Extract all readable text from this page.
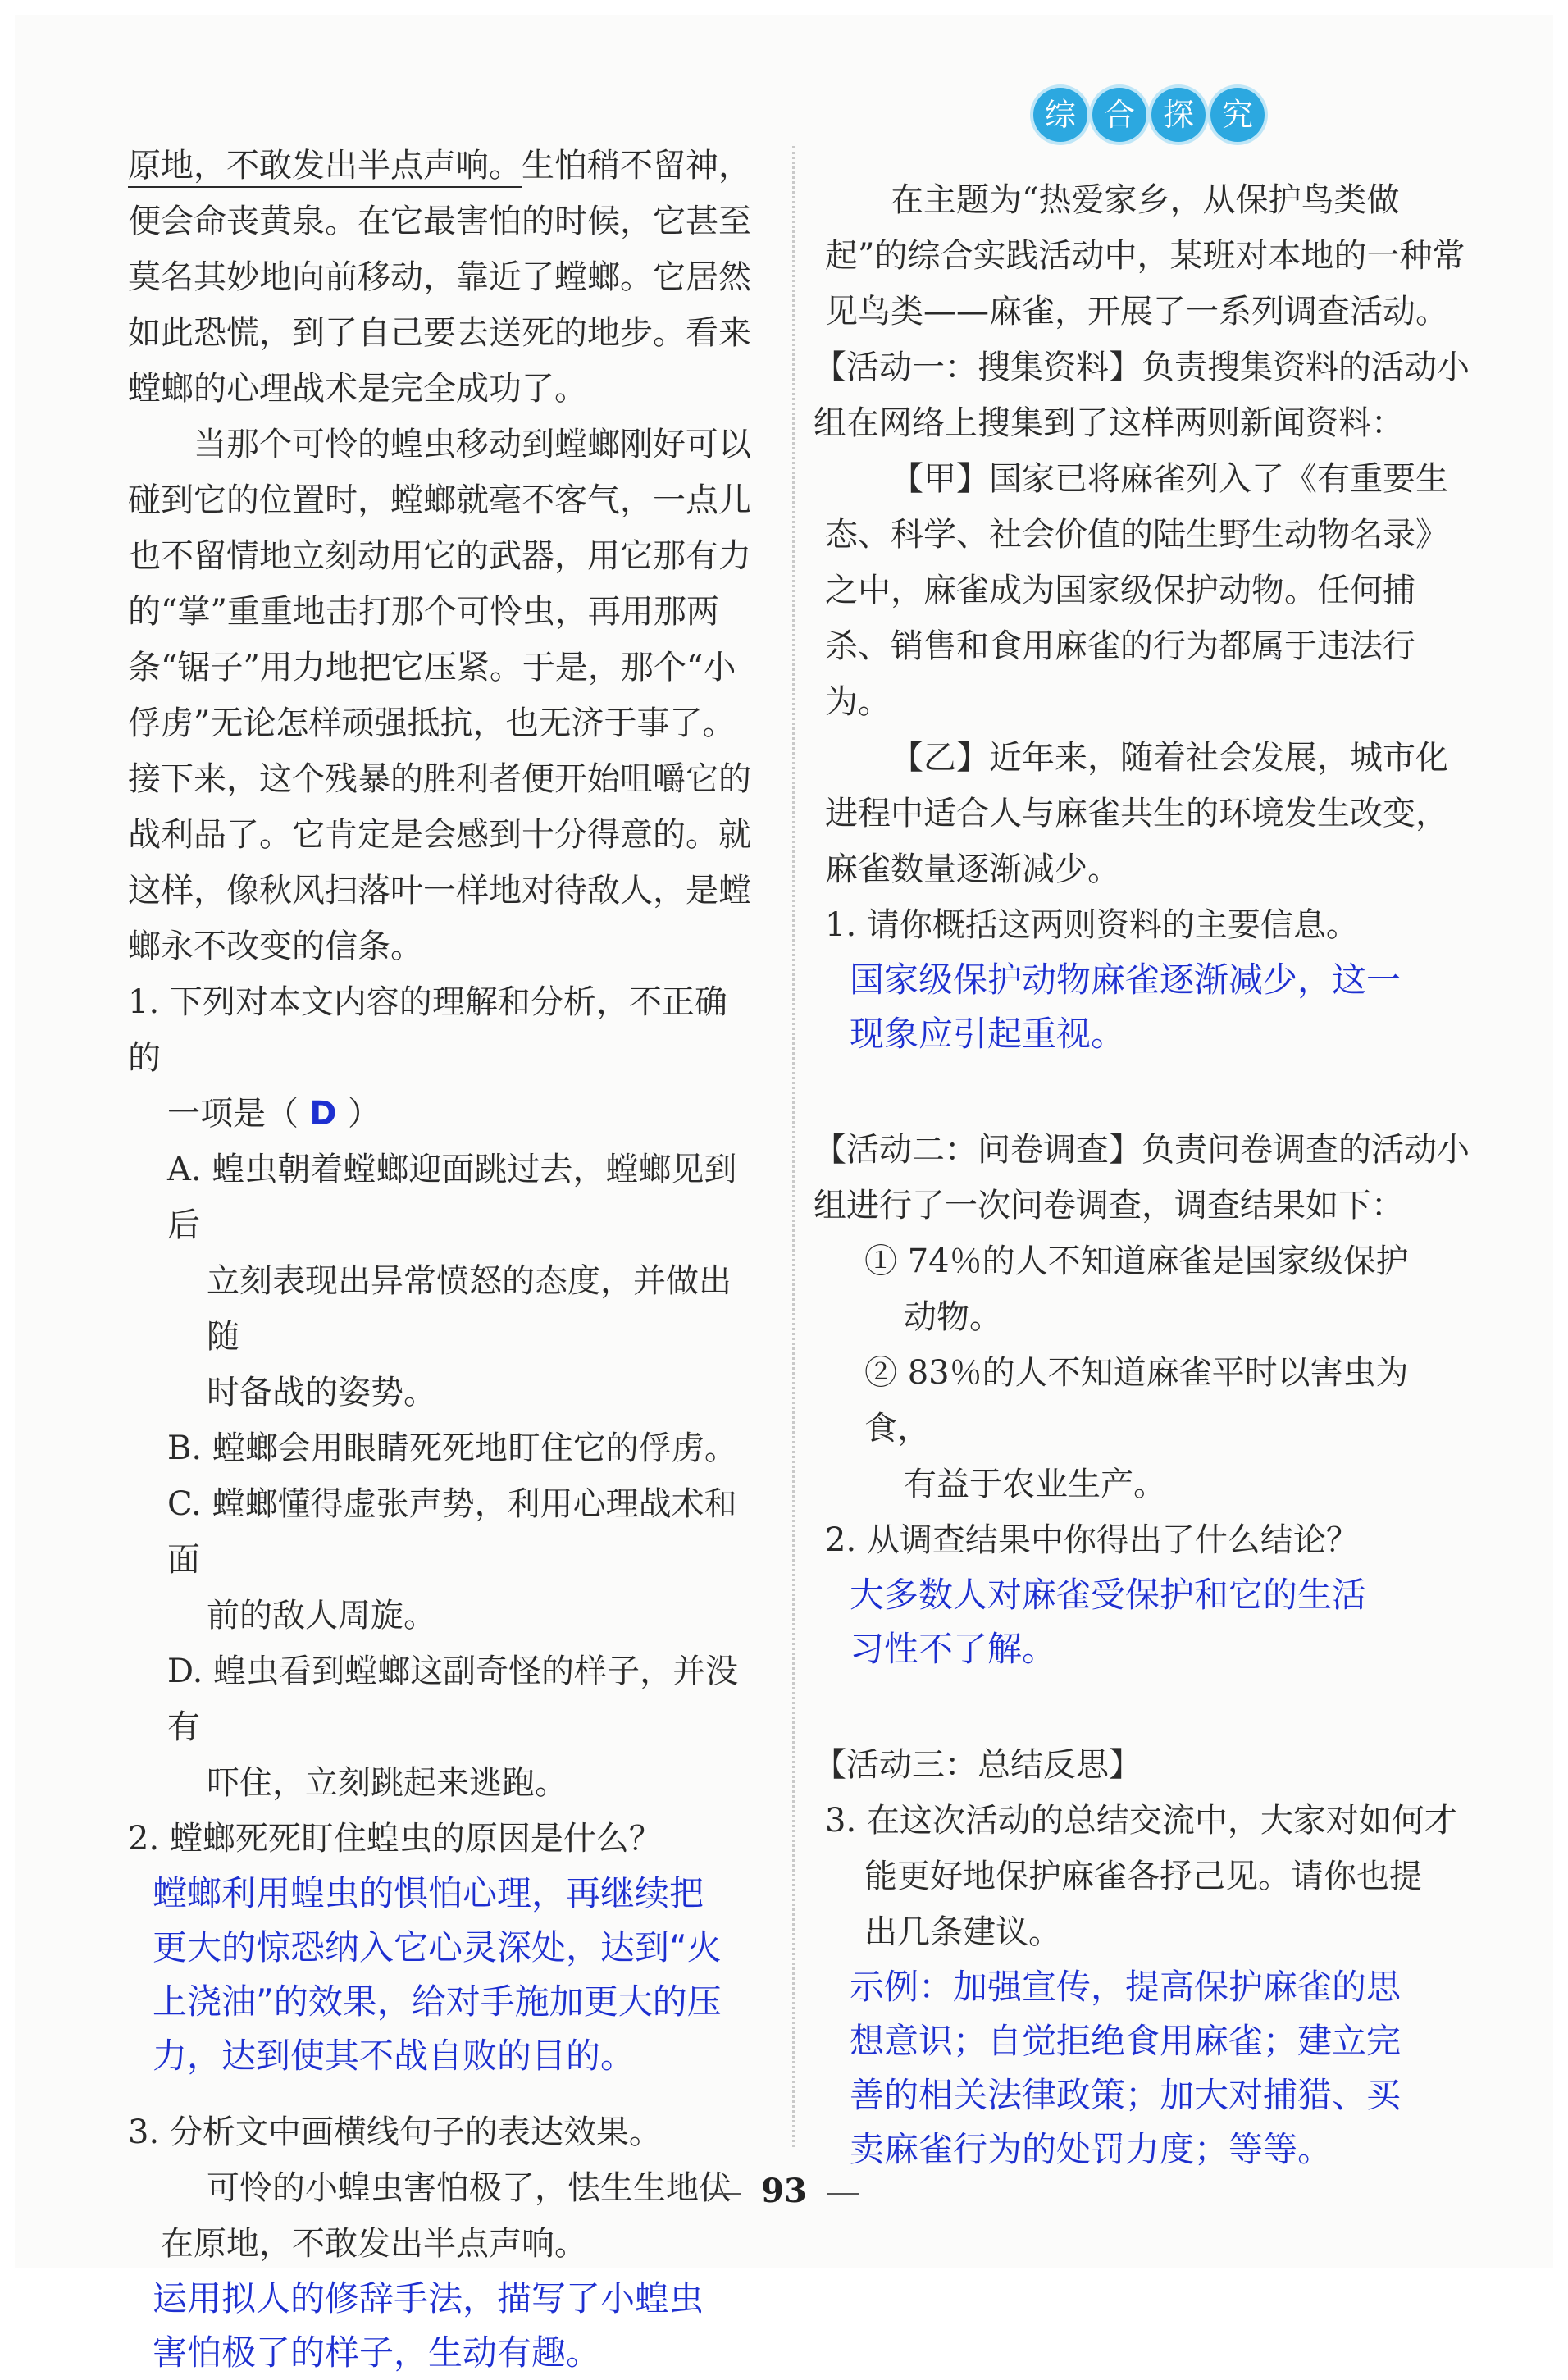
原地，不敢发出半点声响。生怕稍不留神，便会命丧黄泉。在它最害怕的时候，它甚至莫名其妙地向前移动，靠近了螳螂。它居然如此恐慌，到了自己要去送死的地步。看来螳螂的心理战术是完全成功了。

当那个可怜的蝗虫移动到螳螂刚好可以碰到它的位置时，螳螂就毫不客气，一点儿也不留情地立刻动用它的武器，用它那有力的“掌”重重地击打那个可怜虫，再用那两条“锯子”用力地把它压紧。于是，那个“小俘虏”无论怎样顽强抵抗，也无济于事了。接下来，这个残暴的胜利者便开始咀嚼它的战利品了。它肯定是会感到十分得意的。就这样，像秋风扫落叶一样地对待敌人，是螳螂永不改变的信条。

1. 下列对本文内容的理解和分析，不正确的

一项是（ D ）

A. 蝗虫朝着螳螂迎面跳过去，螳螂见到后

立刻表现出异常愤怒的态度，并做出随

时备战的姿势。

B. 螳螂会用眼睛死死地盯住它的俘虏。

C. 螳螂懂得虚张声势，利用心理战术和面

前的敌人周旋。

D. 蝗虫看到螳螂这副奇怪的样子，并没有

吓住，立刻跳起来逃跑。

2. 螳螂死死盯住蝗虫的原因是什么？

螳螂利用蝗虫的惧怕心理，再继续把

更大的惊恐纳入它心灵深处，达到“火

上浇油”的效果，给对手施加更大的压

力，达到使其不战自败的目的。

3. 分析文中画横线句子的表达效果。

可怜的小蝗虫害怕极了，怯生生地伏

在原地，不敢发出半点声响。

运用拟人的修辞手法，描写了小蝗虫

害怕极了的样子，生动有趣。

综 合 探 究

在主题为“热爱家乡，从保护鸟类做起”的综合实践活动中，某班对本地的一种常见鸟类——麻雀，开展了一系列调查活动。

【活动一：搜集资料】负责搜集资料的活动小组在网络上搜集到了这样两则新闻资料：

【甲】国家已将麻雀列入了《有重要生态、科学、社会价值的陆生野生动物名录》之中，麻雀成为国家级保护动物。任何捕杀、销售和食用麻雀的行为都属于违法行为。

【乙】近年来，随着社会发展，城市化进程中适合人与麻雀共生的环境发生改变，麻雀数量逐渐减少。

1. 请你概括这两则资料的主要信息。

国家级保护动物麻雀逐渐减少，这一

现象应引起重视。

【活动二：问卷调查】负责问卷调查的活动小组进行了一次问卷调查，调查结果如下：

① 74％的人不知道麻雀是国家级保护

动物。

② 83％的人不知道麻雀平时以害虫为食，

有益于农业生产。

2. 从调查结果中你得出了什么结论？

大多数人对麻雀受保护和它的生活

习性不了解。

【活动三：总结反思】

3. 在这次活动的总结交流中，大家对如何才

能更好地保护麻雀各抒己见。请你也提

出几条建议。

示例：加强宣传，提高保护麻雀的思

想意识；自觉拒绝食用麻雀；建立完

善的相关法律政策；加大对捕猎、买

卖麻雀行为的处罚力度；等等。

93
